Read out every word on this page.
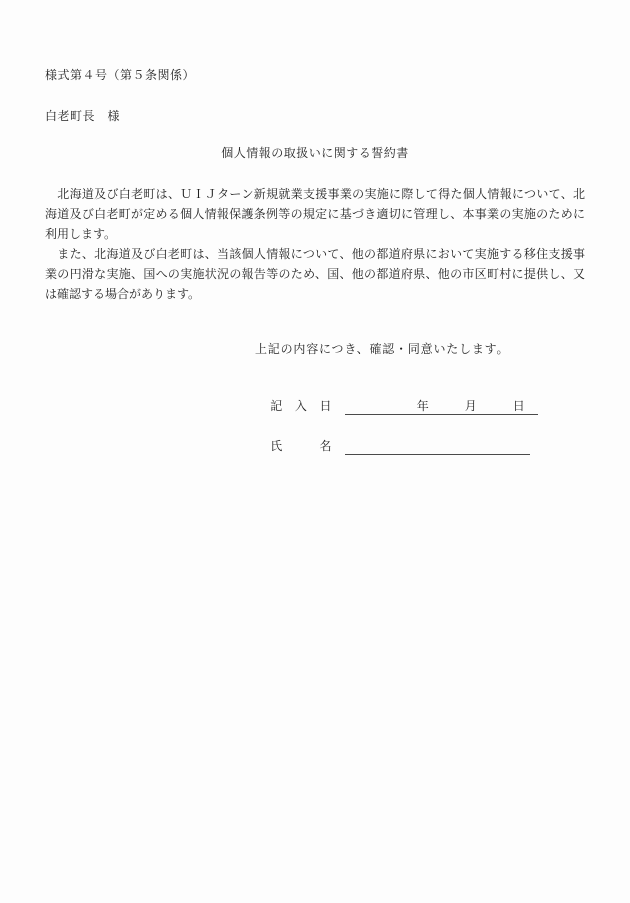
様式第４号（第５条関係）
白老町長　様
個人情報の取扱いに関する誓約書
　北海道及び白老町は、ＵＩＪターン新規就業支援事業の実施に際して得た個人情報について、北
海道及び白老町が定める個人情報保護条例等の規定に基づき適切に管理し、本事業の実施のために
利用します。
　また、北海道及び白老町は、当該個人情報について、他の都道府県において実施する移住支援事
業の円滑な実施、国への実施状況の報告等のため、国、他の都道府県、他の市区町村に提供し、又
は確認する場合があります。
上記の内容につき、確認・同意いたします。

記　入　日　　　　　　年　　　月　　　日

氏　　　名
